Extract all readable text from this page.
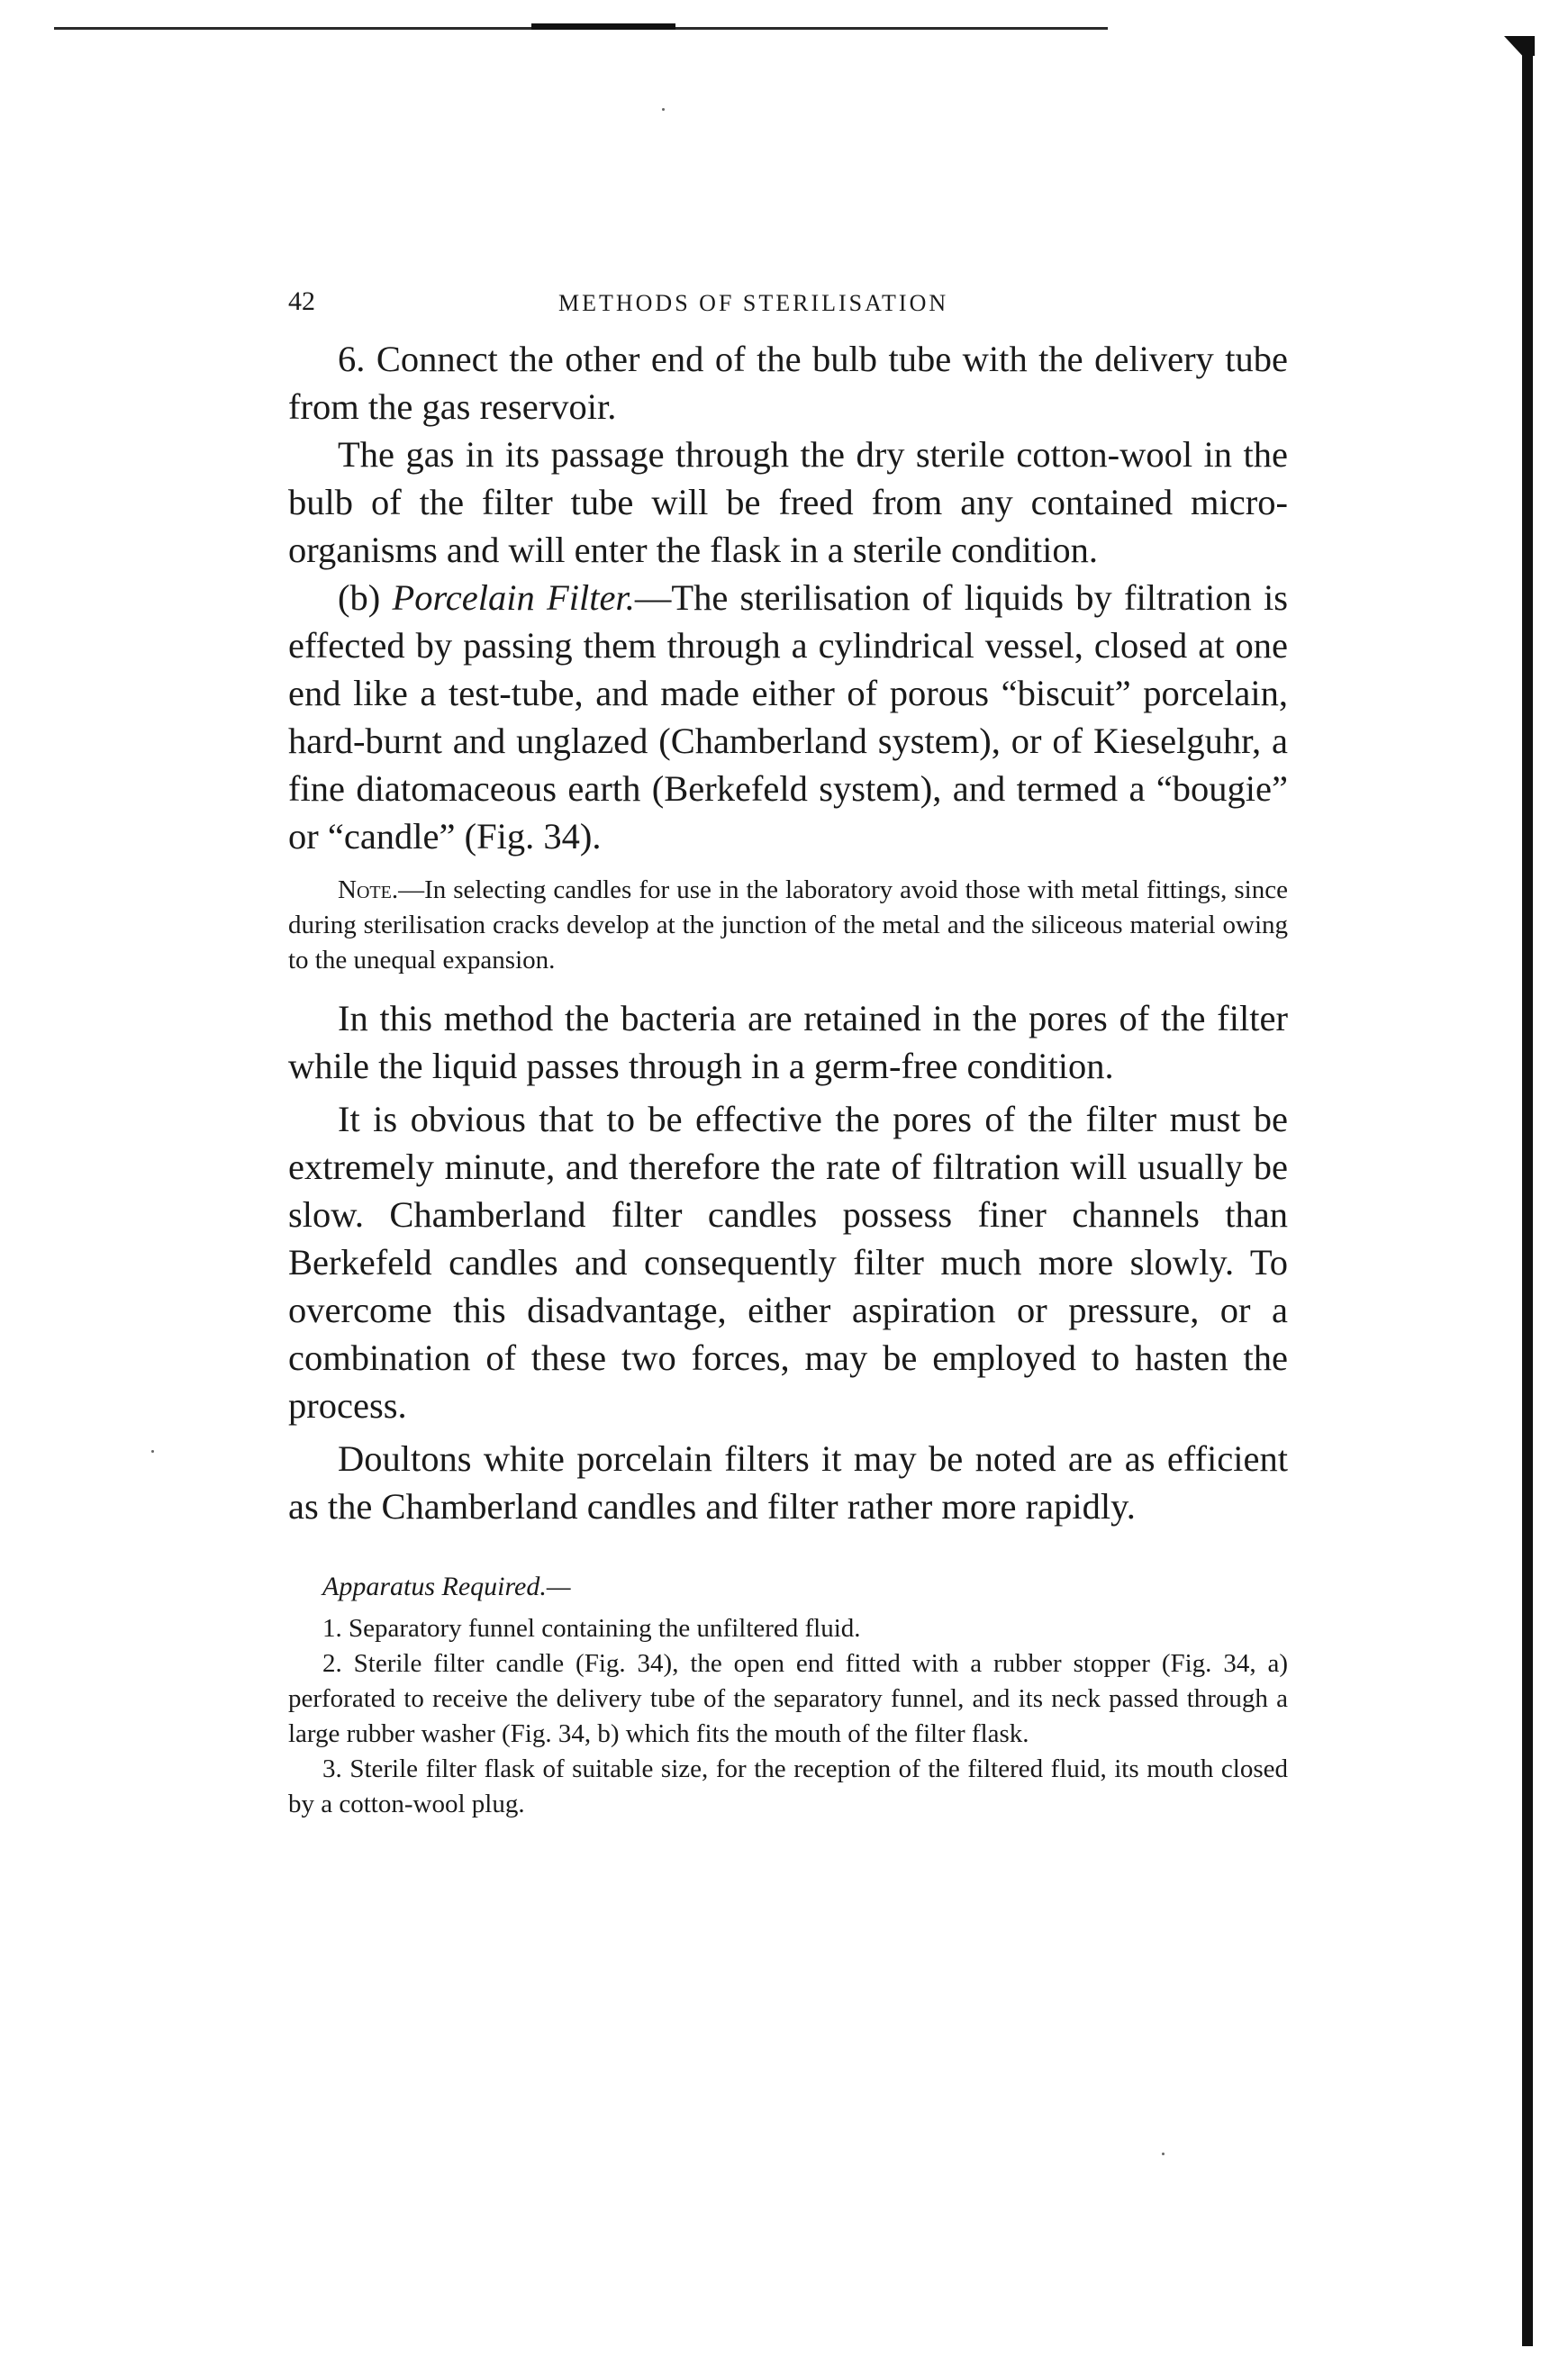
42	METHODS OF STERILISATION

6. Connect the other end of the bulb tube with the delivery tube from the gas reservoir.

The gas in its passage through the dry sterile cotton-wool in the bulb of the filter tube will be freed from any contained micro-organisms and will enter the flask in a sterile condition.

(b) Porcelain Filter.—The sterilisation of liquids by filtration is effected by passing them through a cylindrical vessel, closed at one end like a test-tube, and made either of porous “biscuit” porcelain, hard-burnt and unglazed (Chamberland system), or of Kieselguhr, a fine diatomaceous earth (Berkefeld system), and termed a “bougie” or “candle” (Fig. 34).

Note.—In selecting candles for use in the laboratory avoid those with metal fittings, since during sterilisation cracks develop at the junction of the metal and the siliceous material owing to the unequal expansion.

In this method the bacteria are retained in the pores of the filter while the liquid passes through in a germ-free condition.

It is obvious that to be effective the pores of the filter must be extremely minute, and therefore the rate of filtration will usually be slow. Chamberland filter candles possess finer channels than Berkefeld candles and consequently filter much more slowly. To overcome this disadvantage, either aspiration or pressure, or a combination of these two forces, may be employed to hasten the process.

Doultons white porcelain filters it may be noted are as efficient as the Chamberland candles and filter rather more rapidly.

Apparatus Required.—

1. Separatory funnel containing the unfiltered fluid.

2. Sterile filter candle (Fig. 34), the open end fitted with a rubber stopper (Fig. 34, a) perforated to receive the delivery tube of the separatory funnel, and its neck passed through a large rubber washer (Fig. 34, b) which fits the mouth of the filter flask.

3. Sterile filter flask of suitable size, for the reception of the filtered fluid, its mouth closed by a cotton-wool plug.
